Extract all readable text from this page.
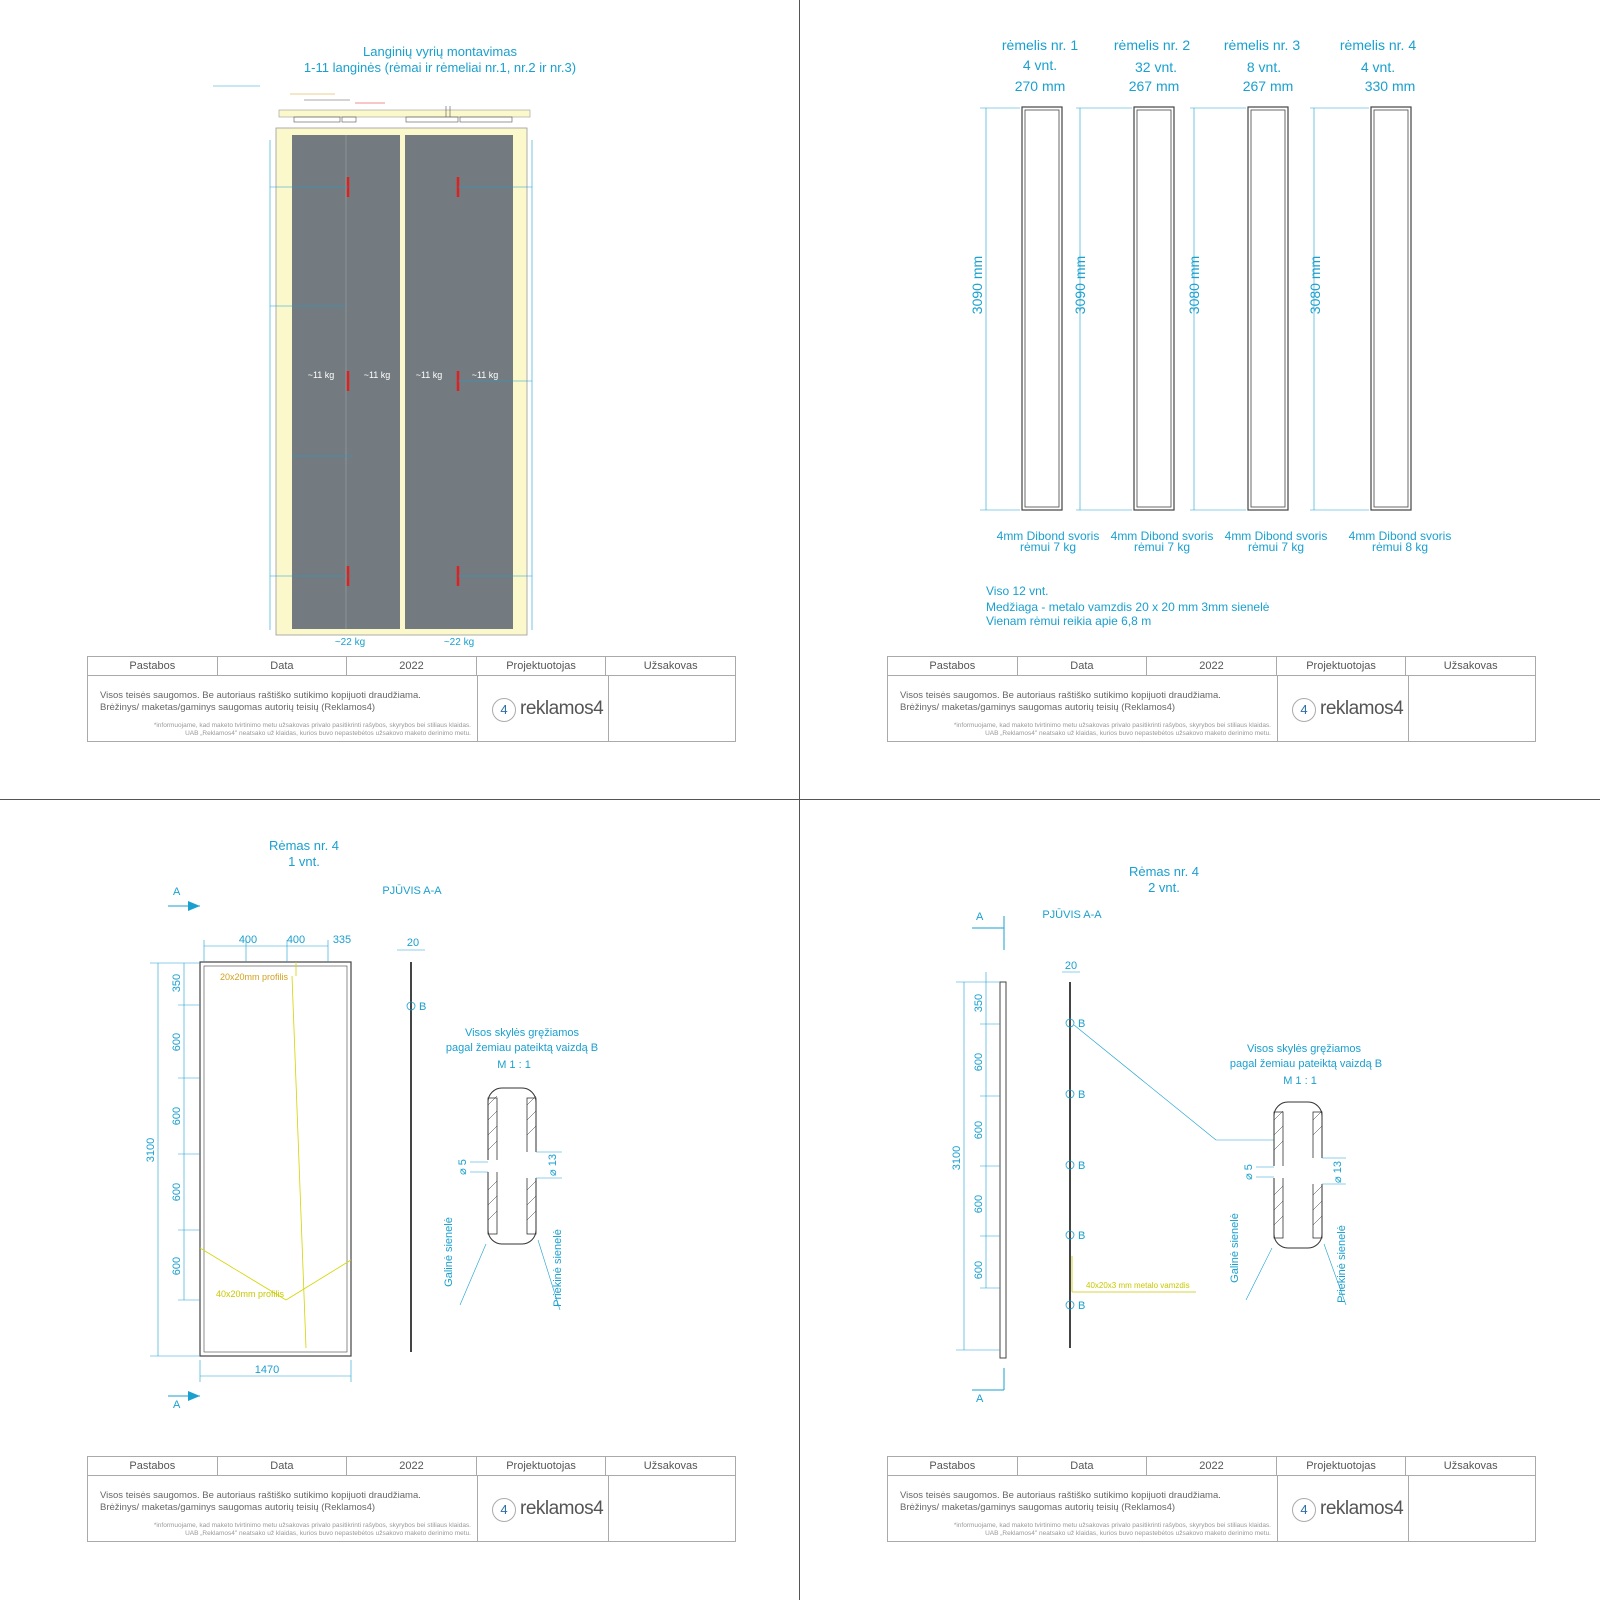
Langinių vyrių montavimas
1-11 langinės (rėmai ir rėmeliai nr.1, nr.2 ir nr.3)
~11 kg	~11 kg	~11 kg	~11 kg
~22 kg	~22 kg
Pastabos	Data	2022	Projektuotojas	Užsakovas
Visos teisės saugomos. Be autoriaus raštiško sutikimo kopijuoti draudžiama.
Brėžinys/ maketas/gaminys saugomas autorių teisių (Reklamos4)
*informuojame, kad maketo tvirtinimo metu užsakovas privalo pasitikrinti rašybos, skyrybos bei stiliaus klaidas.
UAB „Reklamos4" neatsako už klaidas, kurios buvo nepastebėtos užsakovo maketo derinimo metu.
4 reklamos4
rėmelis nr. 1
4 vnt.
270 mm
3090 mm
4mm Dibond svoris
rėmui 7 kg
rėmelis nr. 2
32 vnt.
267 mm
3090 mm
4mm Dibond svoris
rėmui 7 kg
rėmelis nr. 3
8 vnt.
267 mm
3080 mm
4mm Dibond svoris
rėmui 7 kg
rėmelis nr. 4
4 vnt.
330 mm
3080 mm
4mm Dibond svoris
rėmui 8 kg
Viso 12 vnt.
Medžiaga - metalo vamzdis 20 x 20 mm 3mm sienelė
Vienam rėmui reikia apie 6,8 m
Pastabos	Data	2022	Projektuotojas	Užsakovas
Visos teisės saugomos. Be autoriaus raštiško sutikimo kopijuoti draudžiama.
Brėžinys/ maketas/gaminys saugomas autorių teisių (Reklamos4)
*informuojame, kad maketo tvirtinimo metu užsakovas privalo pasitikrinti rašybos, skyrybos bei stiliaus klaidas.
UAB „Reklamos4" neatsako už klaidas, kurios buvo nepastebėtos užsakovo maketo derinimo metu.
4 reklamos4
Rėmas nr. 4
1 vnt.
PJŪVIS A-A
A
A
400	400	335
350
600
600
600
600
3100
1470
20x20mm profilis
40x20mm profilis
20
B
Visos skylės gręžiamos
pagal žemiau pateiktą vaizdą B
M 1 : 1
⌀ 5	⌀ 13
Galinė sienelė	Priekinė sienelė
Pastabos	Data	2022	Projektuotojas	Užsakovas
Visos teisės saugomos. Be autoriaus raštiško sutikimo kopijuoti draudžiama.
Brėžinys/ maketas/gaminys saugomas autorių teisių (Reklamos4)
*informuojame, kad maketo tvirtinimo metu užsakovas privalo pasitikrinti rašybos, skyrybos bei stiliaus klaidas.
UAB „Reklamos4" neatsako už klaidas, kurios buvo nepastebėtos užsakovo maketo derinimo metu.
4 reklamos4
Rėmas nr. 4
2 vnt.
PJŪVIS A-A
A
A
350
600
600
600
600
3100
20
B
B
B
B
B
40x20x3 mm metalo vamzdis
Visos skylės gręžiamos
pagal žemiau pateiktą vaizdą B
M 1 : 1
⌀ 5	⌀ 13
Galinė sienelė	Priekinė sienelė
Pastabos	Data	2022	Projektuotojas	Užsakovas
Visos teisės saugomos. Be autoriaus raštiško sutikimo kopijuoti draudžiama.
Brėžinys/ maketas/gaminys saugomas autorių teisių (Reklamos4)
*informuojame, kad maketo tvirtinimo metu užsakovas privalo pasitikrinti rašybos, skyrybos bei stiliaus klaidas.
UAB „Reklamos4" neatsako už klaidas, kurios buvo nepastebėtos užsakovo maketo derinimo metu.
4 reklamos4
